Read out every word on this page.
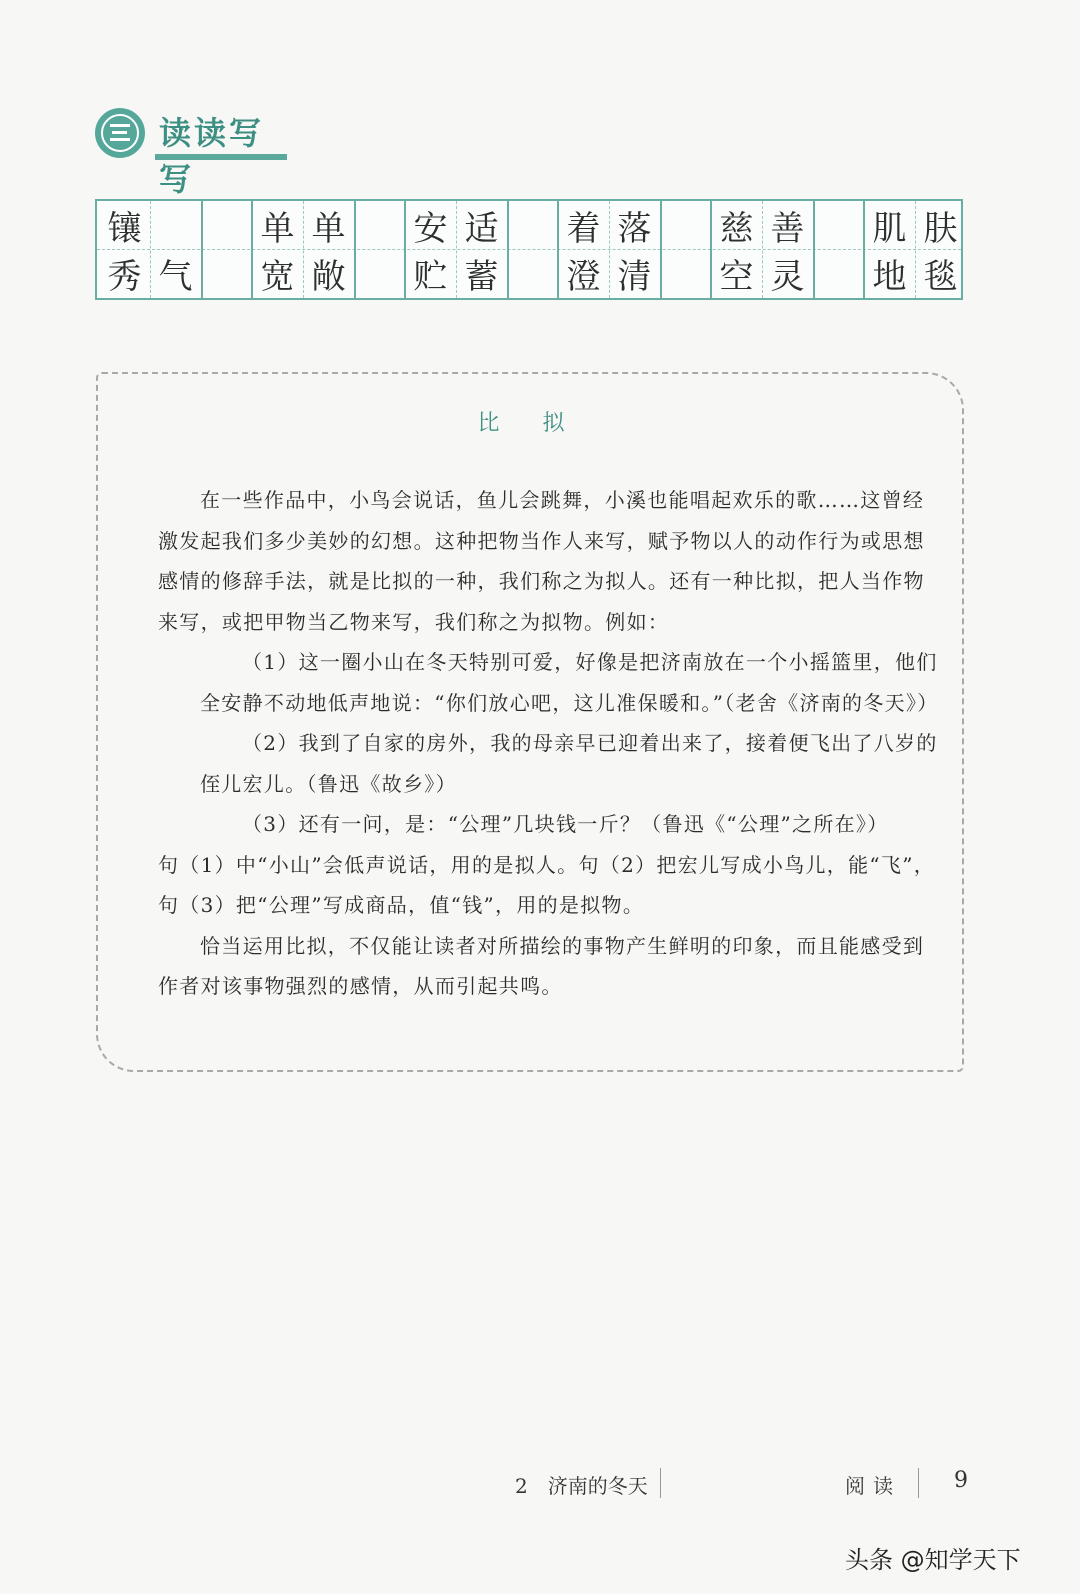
读读写写
镶
秀 气
单 单
宽 敞
安 适
贮 蓄
着 落
澄 清
慈 善
空 灵
肌 肤
地 毯
比 拟

在一些作品中，小鸟会说话，鱼儿会跳舞，小溪也能唱起欢乐的歌……这曾经激发起我们多少美妙的幻想。这种把物当作人来写，赋予物以人的动作行为或思想感情的修辞手法，就是比拟的一种，我们称之为拟人。还有一种比拟，把人当作物来写，或把甲物当乙物来写，我们称之为拟物。例如：

（1）这一圈小山在冬天特别可爱，好像是把济南放在一个小摇篮里，他们全安静不动地低声地说：“你们放心吧，这儿准保暖和。”（老舍《济南的冬天》）

（2）我到了自家的房外，我的母亲早已迎着出来了，接着便飞出了八岁的侄儿宏儿。（鲁迅《故乡》）

（3）还有一问，是：“公理”几块钱一斤？（鲁迅《“公理”之所在》）

句（1）中“小山”会低声说话，用的是拟人。句（2）把宏儿写成小鸟儿，能“飞”，句（3）把“公理”写成商品，值“钱”，用的是拟物。

恰当运用比拟，不仅能让读者对所描绘的事物产生鲜明的印象，而且能感受到作者对该事物强烈的感情，从而引起共鸣。

2　济南的冬天	阅读 9
头条 @知学天下
